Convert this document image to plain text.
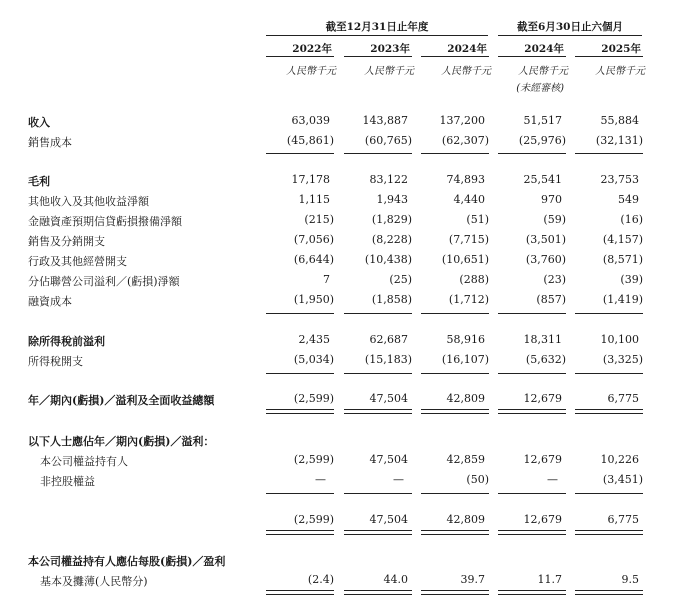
截至12月31日止年度	截至6月30日止六個月
2022年	2023年	2024年	2024年	2025年
人民幣千元	人民幣千元	人民幣千元	人民幣千元	人民幣千元
(未經審核)
收入	63,039	143,887	137,200	51,517	55,884
銷售成本	(45,861)	(60,765)	(62,307)	(25,976)	(32,131)
毛利	17,178	83,122	74,893	25,541	23,753
其他收入及其他收益淨額	1,115	1,943	4,440	970	549
金融資產預期信貸虧損撥備淨額	(215)	(1,829)	(51)	(59)	(16)
銷售及分銷開支	(7,056)	(8,228)	(7,715)	(3,501)	(4,157)
行政及其他經營開支	(6,644)	(10,438)	(10,651)	(3,760)	(8,571)
分佔聯營公司溢利／(虧損)淨額	7	(25)	(288)	(23)	(39)
融資成本	(1,950)	(1,858)	(1,712)	(857)	(1,419)
除所得稅前溢利	2,435	62,687	58,916	18,311	10,100
所得稅開支	(5,034)	(15,183)	(16,107)	(5,632)	(3,325)
年／期內(虧損)／溢利及全面收益總額	(2,599)	47,504	42,809	12,679	6,775
以下人士應佔年／期內(虧損)／溢利：
本公司權益持有人	(2,599)	47,504	42,859	12,679	10,226
非控股權益	—	—	(50)	—	(3,451)
(2,599)	47,504	42,809	12,679	6,775
本公司權益持有人應佔每股(虧損)／盈利
基本及攤薄(人民幣分)	(2.4)	44.0	39.7	11.7	9.5
